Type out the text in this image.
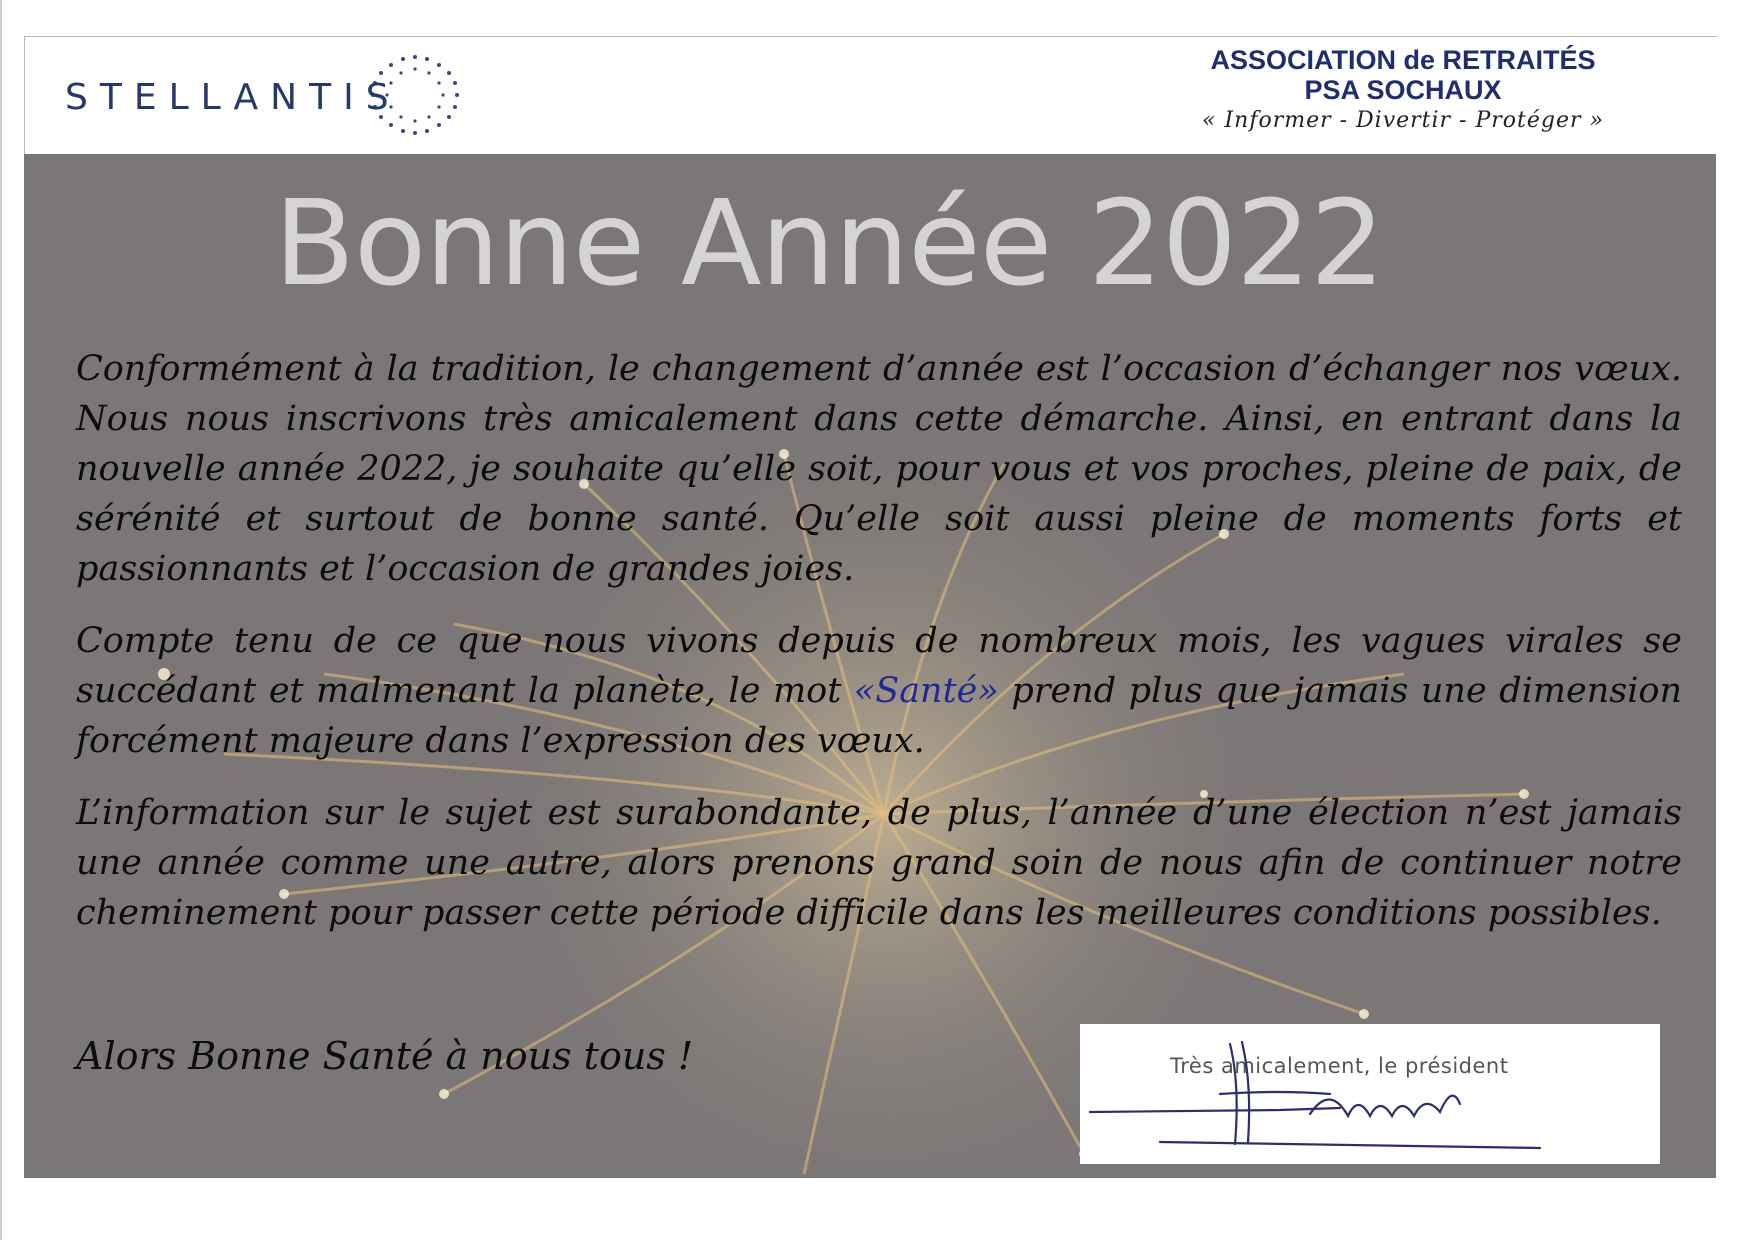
STELLANTIS
ASSOCIATION de RETRAITÉS
PSA SOCHAUX
« Informer - Divertir - Protéger »
Bonne Année 2022

Conformément à la tradition, le changement d’année est l’occasion d’échanger nos vœux. Nous nous inscrivons très amicalement dans cette démarche. Ainsi, en entrant dans la nouvelle année 2022, je souhaite qu’elle soit, pour vous et vos proches, pleine de paix, de sérénité et surtout de bonne santé. Qu’elle soit aussi pleine de moments forts et passionnants et l’occasion de grandes joies.

Compte tenu de ce que nous vivons depuis de nombreux mois, les vagues virales se succédant et malmenant la planète, le mot «Santé» prend plus que jamais une dimension forcément majeure dans l’expression des vœux.

L’information sur le sujet est surabondante, de plus, l’année d’une élection n’est jamais une année comme une autre, alors prenons grand soin de nous afin de continuer notre cheminement pour passer cette période difficile dans les meilleures conditions possibles.

Alors Bonne Santé à nous tous !	Très amicalement, le président
